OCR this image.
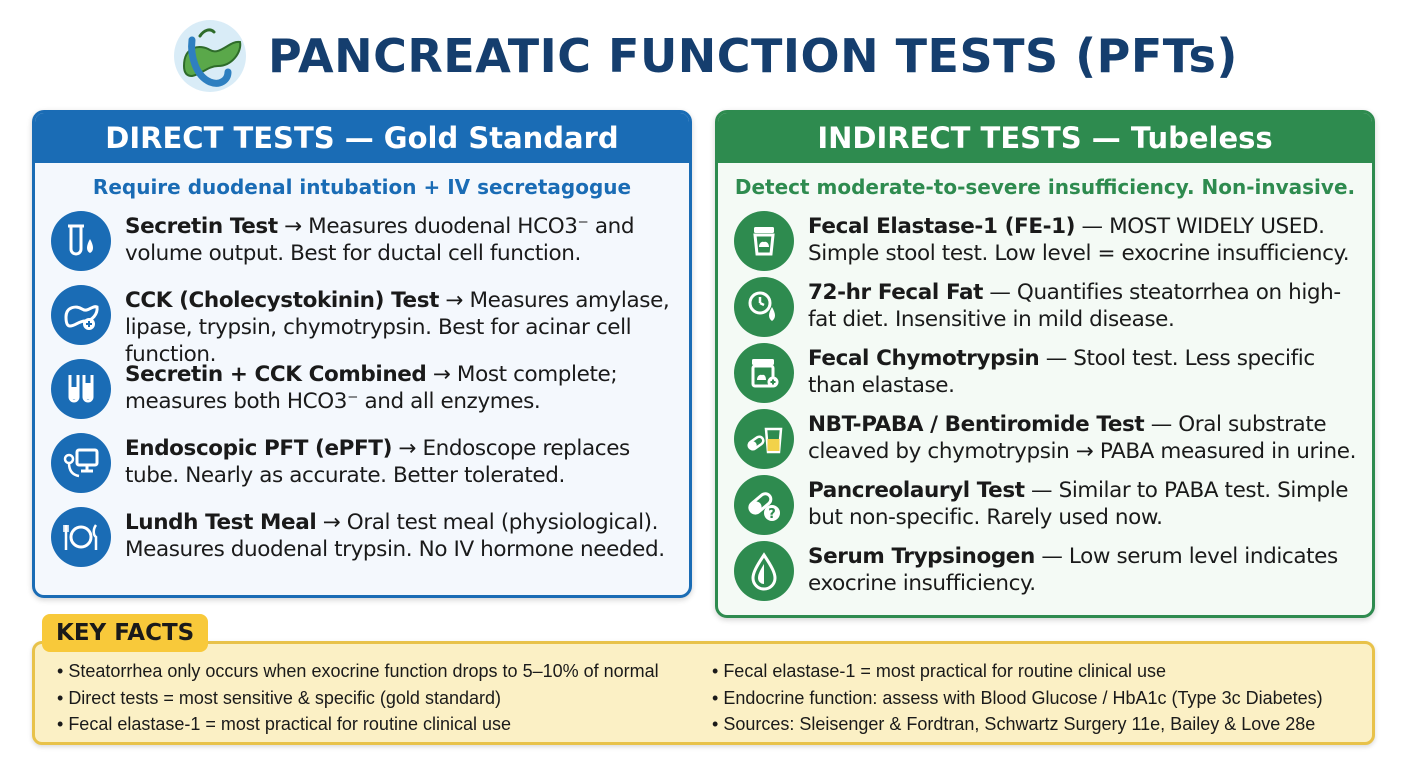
PANCREATIC FUNCTION TESTS (PFTs)
DIRECT TESTS — Gold Standard
Require duodenal intubation + IV secretagogue
Secretin Test → Measures duodenal HCO3⁻ and volume output. Best for ductal cell function.
CCK (Cholecystokinin) Test → Measures amylase, lipase, trypsin, chymotrypsin. Best for acinar cell function.
Secretin + CCK Combined → Most complete; measures both HCO3⁻ and all enzymes.
Endoscopic PFT (ePFT) → Endoscope replaces tube. Nearly as accurate. Better tolerated.
Lundh Test Meal → Oral test meal (physiological). Measures duodenal trypsin. No IV hormone needed.
INDIRECT TESTS — Tubeless
Detect moderate-to-severe insufficiency. Non-invasive.
Fecal Elastase-1 (FE-1) — MOST WIDELY USED. Simple stool test. Low level = exocrine insufficiency.
72-hr Fecal Fat — Quantifies steatorrhea on high-fat diet. Insensitive in mild disease.
Fecal Chymotrypsin — Stool test. Less specific than elastase.
NBT-PABA / Bentiromide Test — Oral substrate cleaved by chymotrypsin → PABA measured in urine.
?
Pancreolauryl Test — Similar to PABA test. Simple but non-specific. Rarely used now.
Serum Trypsinogen — Low serum level indicates exocrine insufficiency.
• Steatorrhea only occurs when exocrine function drops to 5–10% of normal
• Direct tests = most sensitive & specific (gold standard)
• Fecal elastase-1 = most practical for routine clinical use
• Fecal elastase-1 = most practical for routine clinical use
• Endocrine function: assess with Blood Glucose / HbA1c (Type 3c Diabetes)
• Sources: Sleisenger & Fordtran, Schwartz Surgery 11e, Bailey & Love 28e
KEY FACTS
